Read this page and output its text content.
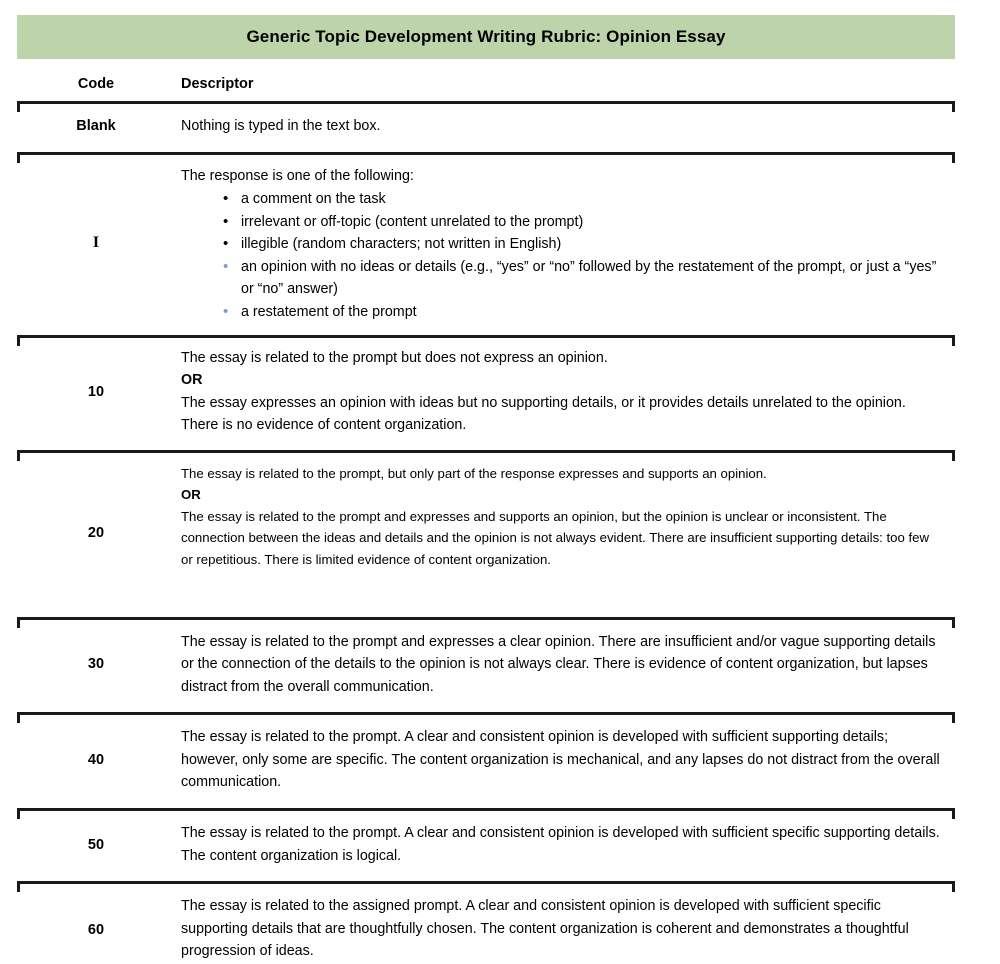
Generic Topic Development Writing Rubric: Opinion Essay
Code	Descriptor
Blank	Nothing is typed in the text box.

I

The response is one of the following:

• a comment on the task
• irrelevant or off-topic (content unrelated to the prompt)
• illegible (random characters; not written in English)
• an opinion with no ideas or details (e.g., “yes” or “no” followed by the restatement of the prompt, or just a “yes” or “no” answer)
• a restatement of the prompt
10

The essay is related to the prompt but does not express an opinion.

OR

The essay expresses an opinion with ideas but no supporting details, or it provides details unrelated to the opinion. There is no evidence of content organization.

20

The essay is related to the prompt, but only part of the response expresses and supports an opinion.

OR

The essay is related to the prompt and expresses and supports an opinion, but the opinion is unclear or inconsistent. The connection between the ideas and details and the opinion is not always evident. There are insufficient supporting details: too few or repetitious. There is limited evidence of content organization.

30

The essay is related to the prompt and expresses a clear opinion. There are insufficient and/or vague supporting details or the connection of the details to the opinion is not always clear. There is evidence of content organization, but lapses distract from the overall communication.

40

The essay is related to the prompt. A clear and consistent opinion is developed with sufficient supporting details; however, only some are specific. The content organization is mechanical, and any lapses do not distract from the overall communication.

50

The essay is related to the prompt. A clear and consistent opinion is developed with sufficient specific supporting details. The content organization is logical.

60

The essay is related to the assigned prompt. A clear and consistent opinion is developed with sufficient specific supporting details that are thoughtfully chosen. The content organization is coherent and demonstrates a thoughtful progression of ideas.
